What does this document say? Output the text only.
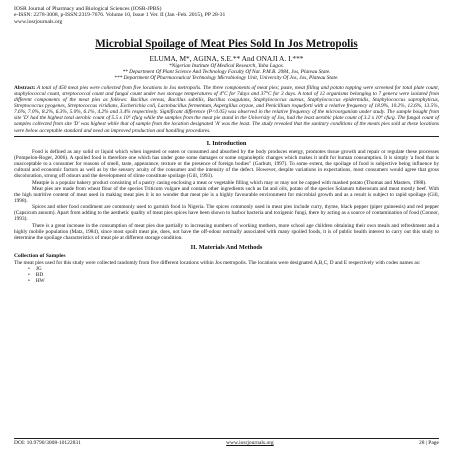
IOSR Journal of Pharmacy and Biological Sciences (IOSR-JPBS)
e-ISSN: 2278-3008, p-ISSN:2319-7676. Volume 10, Issue 1 Ver. II (Jan -Feb. 2015), PP 28-31
www.iosrjournals.org
Microbial Spoilage of Meat Pies Sold In Jos Metropolis
ELUMA, M*, AGINA, S.E.** And ONAJI A. I.***
*Nigerian Institute Of Medical Research, Yaba Lagos.
** Department Of Plant Science And Technology Faculty Of Nat. P.M.B. 2084, Jos, Plateau State.
*** Department Of Pharmaceutical Technology Microbiology Unit, University Of Jos, Jos, Plateau State.
Abstract: A total of 450 meat pies were collected from five locations in Jos metropolis. The three components of meat pies; paste, meat filling and potato topping were screened for total plate count, staphylococcal count, streptococcal count and fungal count under two storage temperatures of 4°C for 7days and 37°C for 3 days. A total of 12 organisms belonging to 7 genera were isolated from different components of the meat pies as follows: Bacillus cereus, Bacillus subtilis, Bacillus coagulans, Staphylococcus aureus, Staphylococcus epidermidis, Staphylococcus saprophyticus, Streptococcus pyogenes, Streptococcus viridians, Escherichia coli, Lactobacillus fermentum, Aspergillus oryzae, and Penicillium roqueforti with a relative frequency of 18.9%, 10.2%, 12.6%, 13.5%, 7.6%, 7.0%, 8.2%, 6.3%, 5.0%, 6.1%, 4.2% and 3.4% respectively. Significant difference (P<0.05) was observed in the relative frequency of the microorganism under study. The sample bought from site 'D' had the highest total aerobic count of 5.5 x 10⁵ cfu/g while the samples from the meat pie stand in the University of Jos, had the least aerobic plate count of 3.2 x 10⁴ cfu/g. The fungal count of samples collected from site 'D' was highest while that of sample from the location designated 'A' was the least. The study revealed that the sanitary conditions of the meats pies sold at these locations were below acceptable standard and need an improved production and handling procedures.
I. Introduction

Food is defined as any solid or liquid which when ingested or eaten or consumed and absorbed by the body produces energy, promotes tissue growth and repair or regulate these processes (Pompelon-Roger, 2006). A spoiled food is therefore one which has under gone some damages or some organoleptic changes which makes it unfit for human consumption. It is simply 'a food that is unacceptable to a consumer for reasons of smell, taste, appearance, texture or the presence of foreign bodies" (Garbutt, 1997). To some extent, the spoilage of food is subjective being influence by cultural and economic factors as well as by the sensory acuity of the consumer and the intensity of the defect. However, despite variations in expectations, most consumers would agree that gross discoloration, strong off odours and the development of slime constitute spoilage (Gill, 1993).

Meatpie is a popular bakery product consisting of a pastry casing enclosing a meat or vegetable filling which may or may not be capped with mashed potato (Thomas and Masters, 1988).

Meat pies are made from wheat flour of the species Triticum vulgare and contain other ingredients such as fat and oils, potato of the species Solanum tuberosum and meat mostly beef. With the high nutritive content of meat used in making meat pies it is no wonder that meat pie is a highly favourable environment for microbial growth and as a result is subject to rapid spoilage (Gill, 1998).

Spices and other food condiment are commonly used to garnish food in Nigeria. The spices commonly used in meat pies include curry, thyme, black pepper (piper guineesis) and red pepper (Capsicum annum). Apart from adding to the aesthetic quality of meat pies spices have been shown to harbor bacteria and toxigenic fungi, there by acting as a source of contamination of food (Connor, 1993).

There is a great increase in the consumption of meat pies due partially to increasing numbers of working mothers, more school age children obtaining their own meals and refreshment and a highly mobile population (Matz, 1984), since most spoilt meat pie, does, not have the off-odour normally associated with many spoiled foods, it is of public health interest to carry out this study to determine the spoilage characteristics of meat pie at different storage condition.

II. Materials And Methods
Collection of Samples

The meat pies used for this study were collected randomly from five different locations within Jos metropolis. The locations were designated A,B,C, D and E respectively with codes names as:

• JG
• BD
• HW
DOI: 10.9790/3008-10122831	www.iosrjournals.org	28 | Page
